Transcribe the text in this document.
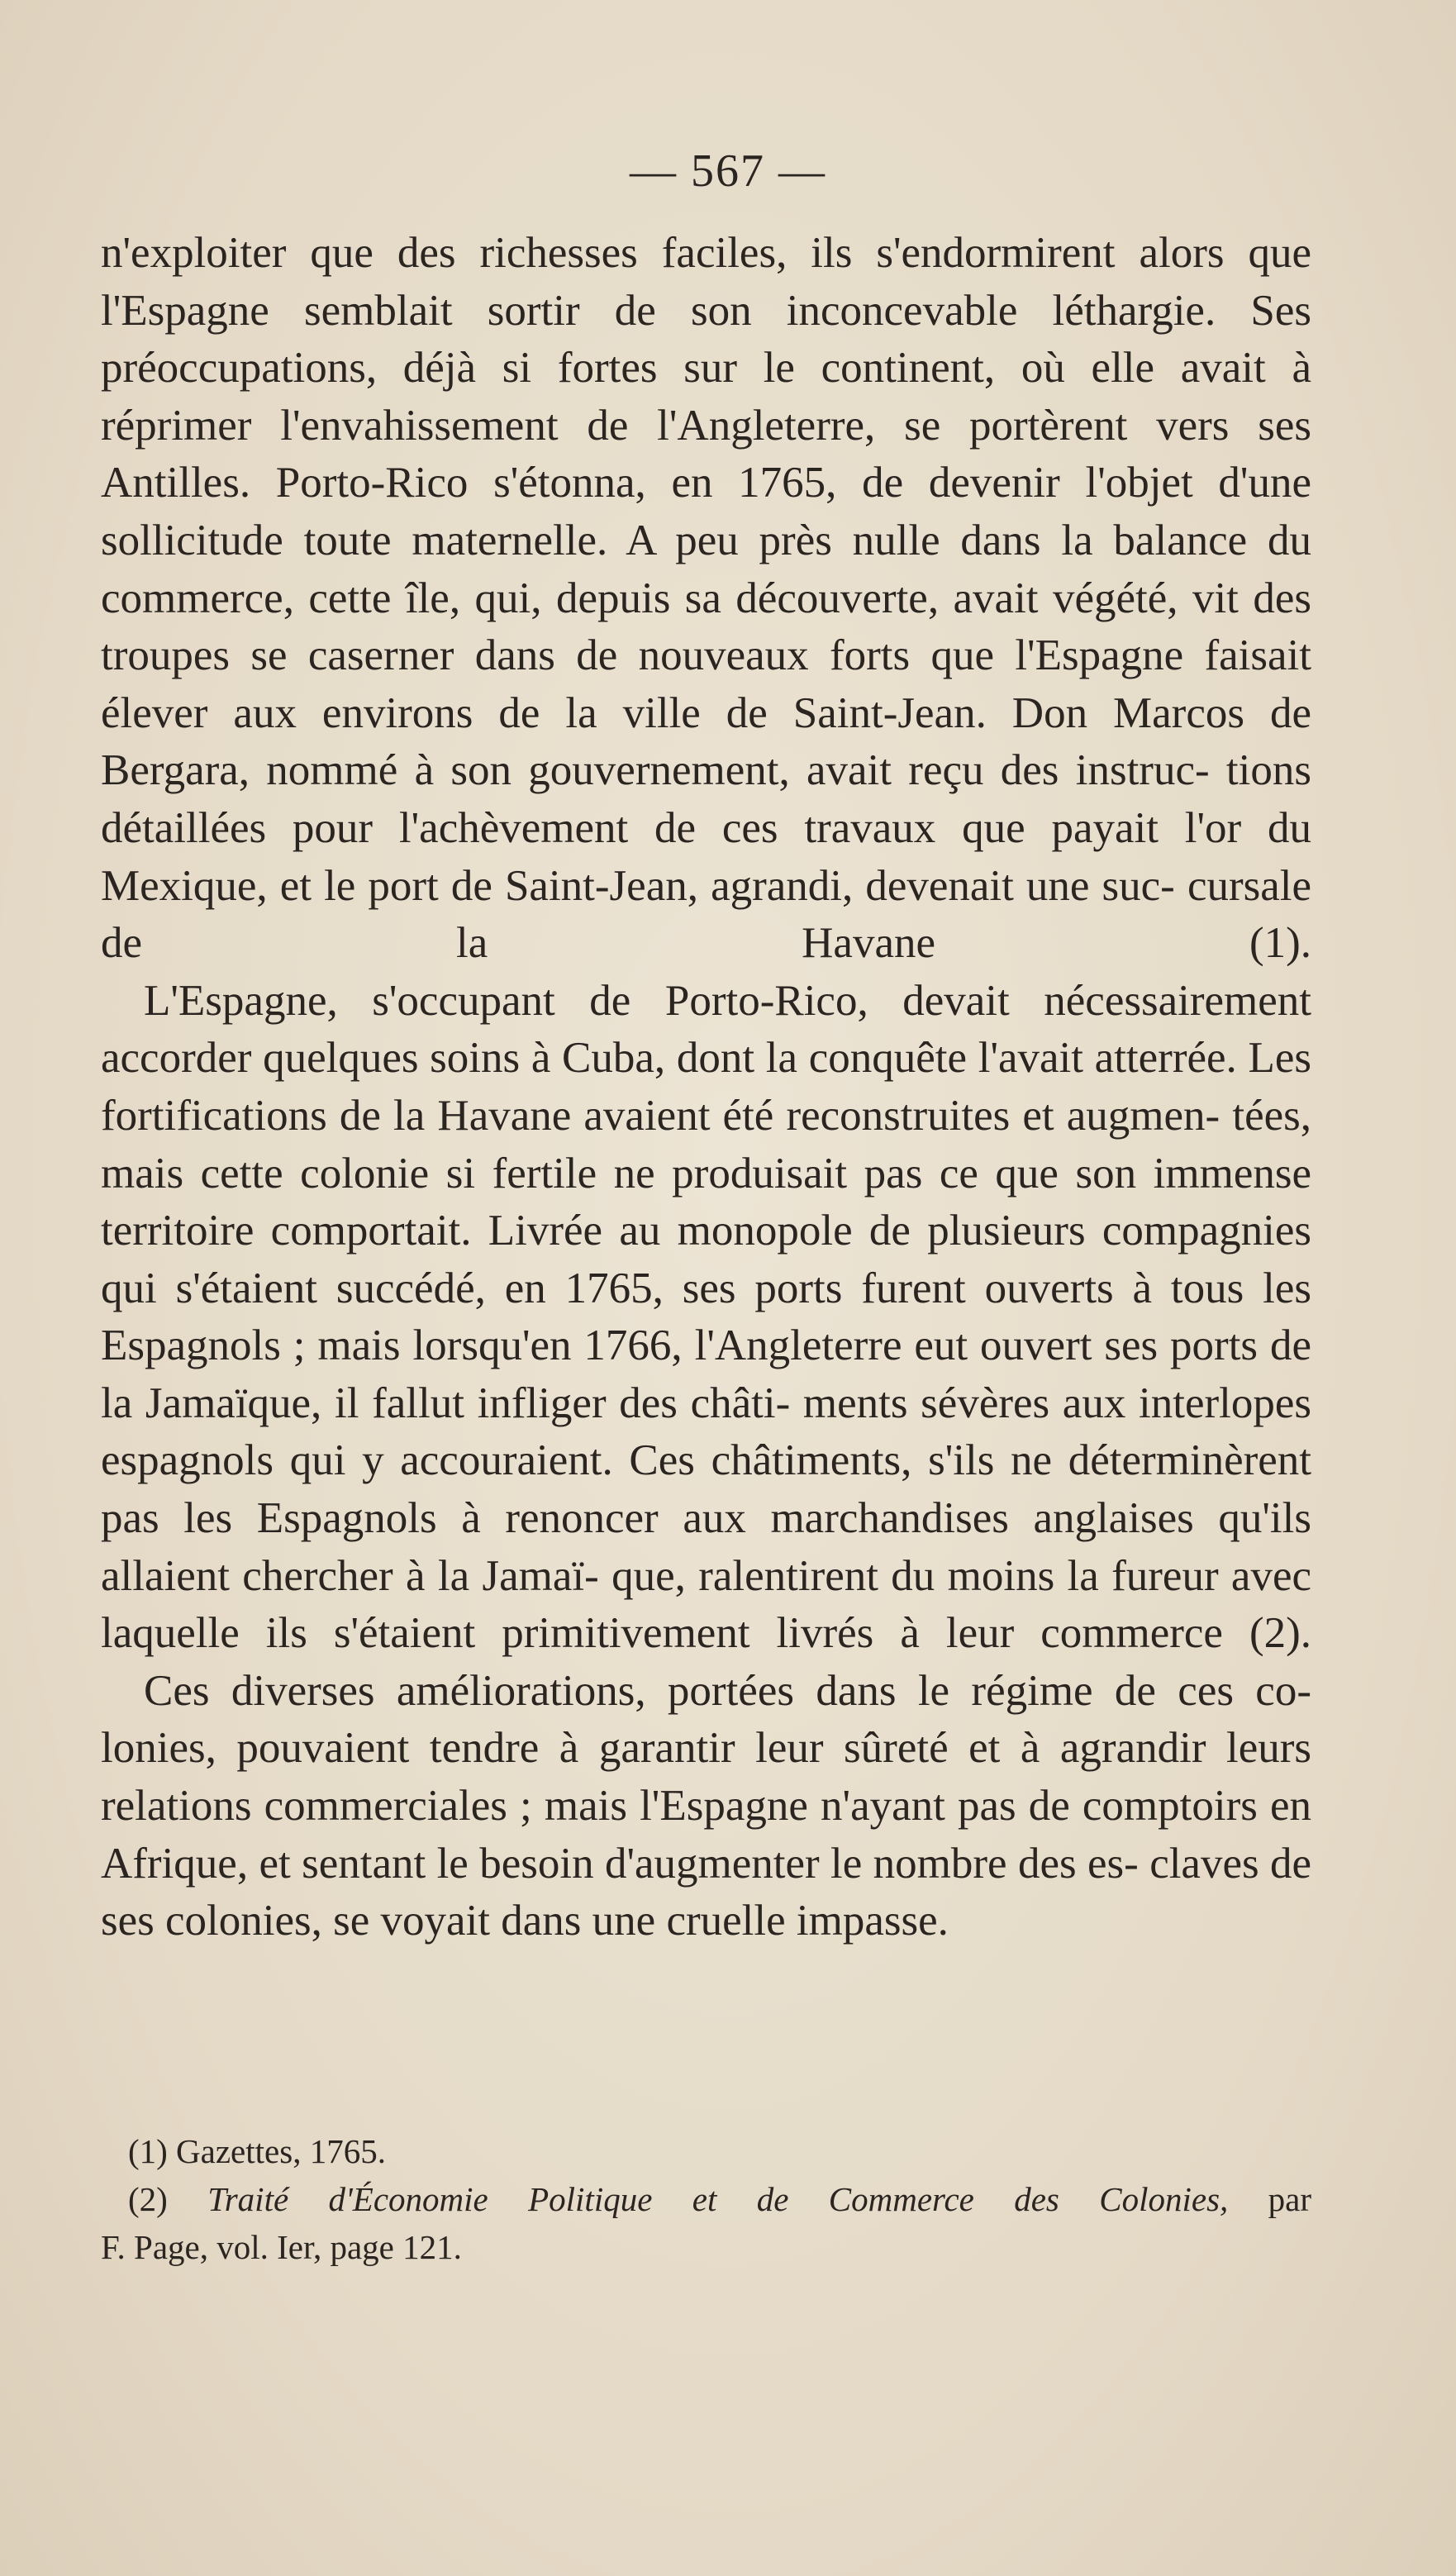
— 567 —

n'exploiter que des richesses faciles, ils s'endormirent alors que l'Espagne semblait sortir de son inconcevable léthargie. Ses préoccupations, déjà si fortes sur le continent, où elle avait à réprimer l'envahissement de l'Angleterre, se portèrent vers ses Antilles. Porto-Rico s'étonna, en 1765, de devenir l'objet d'une sollicitude toute maternelle. A peu près nulle dans la balance du commerce, cette île, qui, depuis sa découverte, avait végété, vit des troupes se caserner dans de nouveaux forts que l'Espagne faisait élever aux environs de la ville de Saint-Jean. Don Marcos de Bergara, nommé à son gouvernement, avait reçu des instruc- tions détaillées pour l'achèvement de ces travaux que payait l'or du Mexique, et le port de Saint-Jean, agrandi, devenait une suc- cursale de la Havane (1).

L'Espagne, s'occupant de Porto-Rico, devait nécessairement accorder quelques soins à Cuba, dont la conquête l'avait atterrée. Les fortifications de la Havane avaient été reconstruites et augmen- tées, mais cette colonie si fertile ne produisait pas ce que son immense territoire comportait. Livrée au monopole de plusieurs compagnies qui s'étaient succédé, en 1765, ses ports furent ouverts à tous les Espagnols ; mais lorsqu'en 1766, l'Angleterre eut ouvert ses ports de la Jamaïque, il fallut infliger des châti- ments sévères aux interlopes espagnols qui y accouraient. Ces châtiments, s'ils ne déterminèrent pas les Espagnols à renoncer aux marchandises anglaises qu'ils allaient chercher à la Jamaï- que, ralentirent du moins la fureur avec laquelle ils s'étaient primitivement livrés à leur commerce (2).

Ces diverses améliorations, portées dans le régime de ces co- lonies, pouvaient tendre à garantir leur sûreté et à agrandir leurs relations commerciales ; mais l'Espagne n'ayant pas de comptoirs en Afrique, et sentant le besoin d'augmenter le nombre des es- claves de ses colonies, se voyait dans une cruelle impasse.

(1) Gazettes, 1765.

(2) Traité d'Économie Politique et de Commerce des Colonies, par

F. Page, vol. Ier, page 121.
